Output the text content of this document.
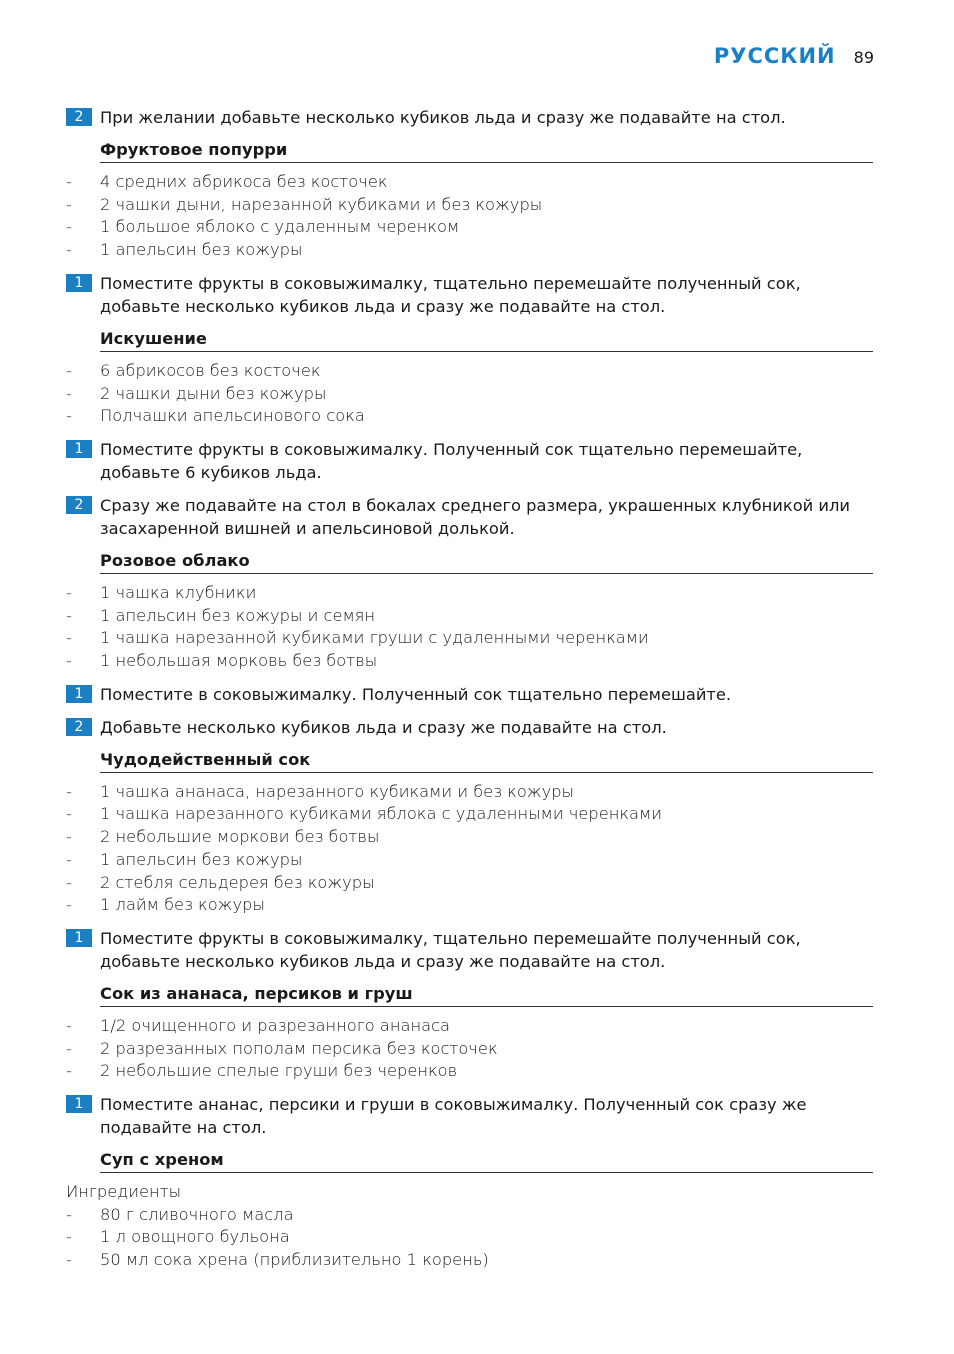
РУССКИЙ 89
2	При желании добавьте несколько кубиков льда и сразу же подавайте на стол.
Фруктовое попурри
- 4 средних абрикоса без косточек
- 2 чашки дыни, нарезанной кубиками и без кожуры
- 1 большое яблоко с удаленным черенком
- 1 апельсин без кожуры
1	Поместите фрукты в соковыжималку, тщательно перемешайте полученный сок, добавьте несколько кубиков льда и сразу же подавайте на стол.
Искушение
- 6 абрикосов без косточек
- 2 чашки дыни без кожуры
- Полчашки апельсинового сока
1	Поместите фрукты в соковыжималку. Полученный сок тщательно перемешайте, добавьте 6 кубиков льда.
2	Сразу же подавайте на стол в бокалах среднего размера, украшенных клубникой или засахаренной вишней и апельсиновой долькой.
Розовое облако
- 1 чашка клубники
- 1 апельсин без кожуры и семян
- 1 чашка нарезанной кубиками груши с удаленными черенками
- 1 небольшая морковь без ботвы
1	Поместите в соковыжималку. Полученный сок тщательно перемешайте.
2	Добавьте несколько кубиков льда и сразу же подавайте на стол.
Чудодейственный сок
- 1 чашка ананаса, нарезанного кубиками и без кожуры
- 1 чашка нарезанного кубиками яблока с удаленными черенками
- 2 небольшие моркови без ботвы
- 1 апельсин без кожуры
- 2 стебля сельдерея без кожуры
- 1 лайм без кожуры
1	Поместите фрукты в соковыжималку, тщательно перемешайте полученный сок, добавьте несколько кубиков льда и сразу же подавайте на стол.
Сок из ананаса, персиков и груш
- 1/2 очищенного и разрезанного ананаса
- 2 разрезанных пополам персика без косточек
- 2 небольшие спелые груши без черенков
1	Поместите ананас, персики и груши в соковыжималку. Полученный сок сразу же подавайте на стол.
Суп с хреном
Ингредиенты
- 80 г сливочного масла
- 1 л овощного бульона
- 50 мл сока хрена (приблизительно 1 корень)
